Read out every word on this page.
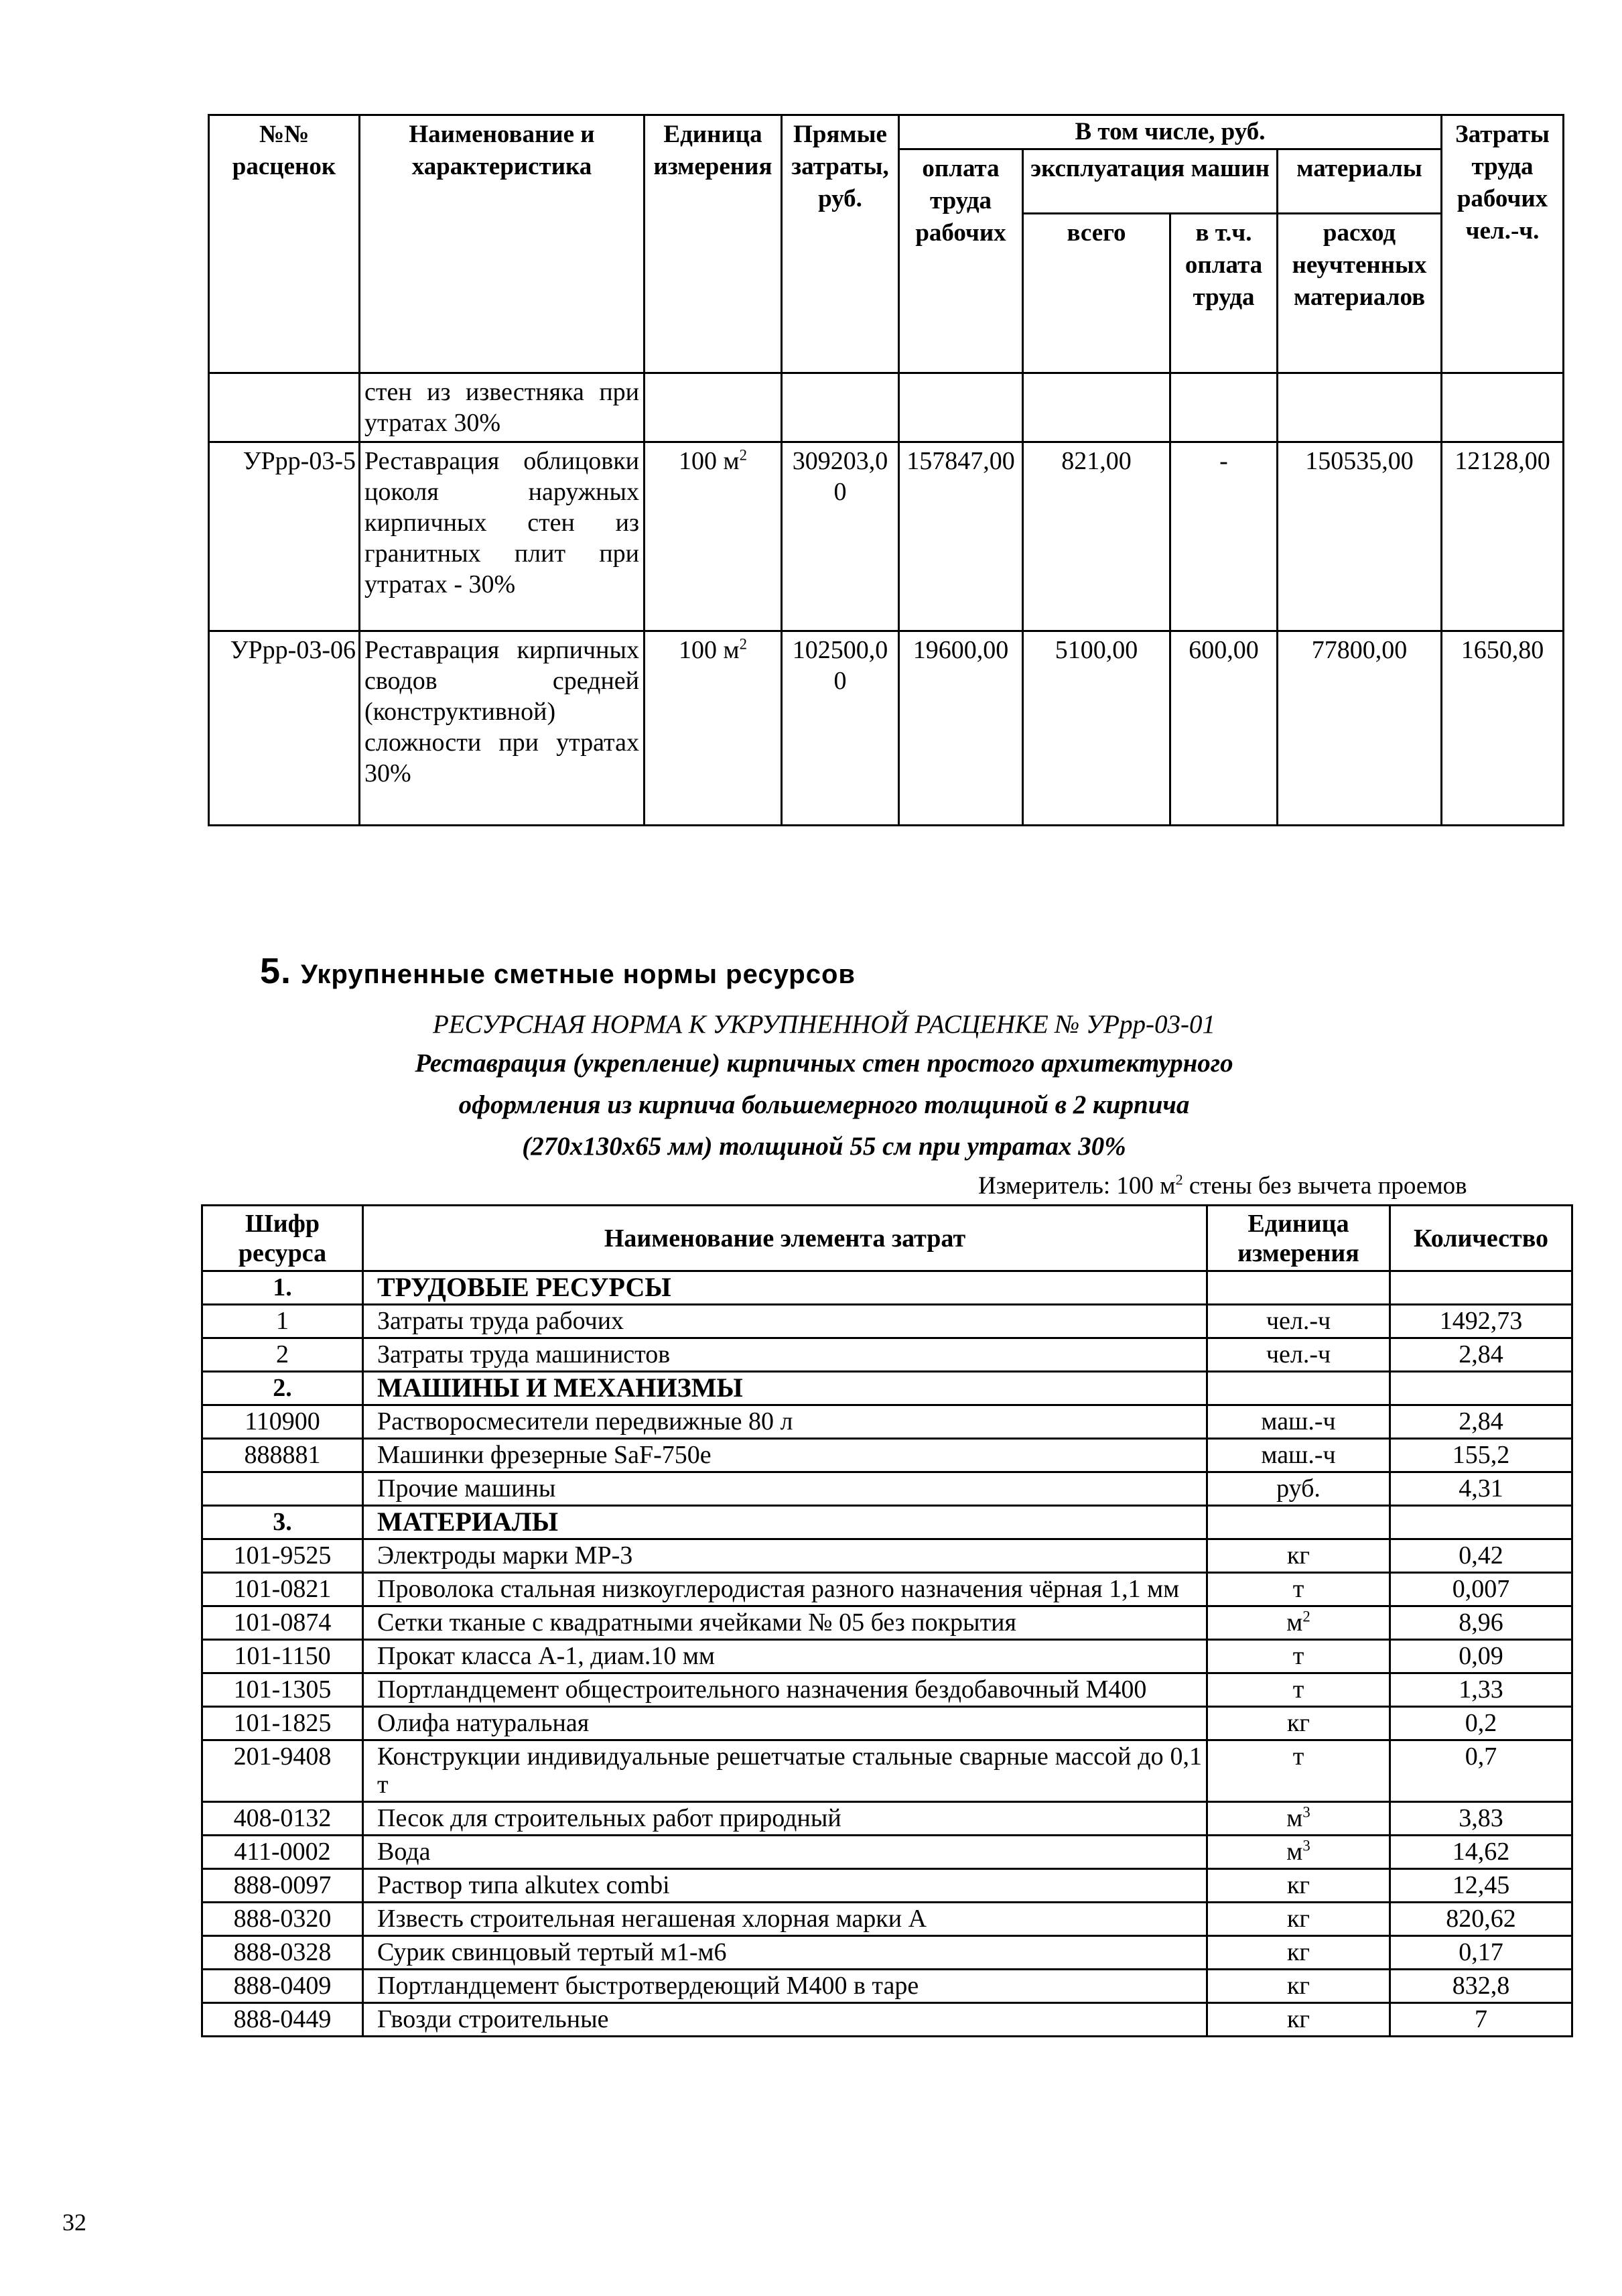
№№ расценок	Наименование и характеристика	Единица измерения	Прямые затраты, руб.	В том числе, руб.				Затраты труда рабочих чел.-ч.
				оплата труда рабочих	эксплуатация машин		материалы	
					всего	в т.ч. оплата труда	расход неучтенных материалов	
	стен из известняка при утратах 30%							
УРрр-03-5	Реставрация облицовки цоколя наружных кирпичных стен из гранитных плит при утратах - 30%	100 $м^2$	309203,00	157847,00	821,00	-	150535,00	12128,00
УРрр-03-06	Реставрация кирпичных сводов средней (конструктивной) сложности при утратах 30%	100 $м^2$	102500,00	19600,00	5100,00	600,00	77800,00	1650,80
5. Укрупненные сметные нормы ресурсов
РЕСУРСНАЯ НОРМА К УКРУПНЕННОЙ РАСЦЕНКЕ № УРрр-03-01
Реставрация (укрепление) кирпичных стен простого архитектурного
оформления из кирпича большемерного толщиной в 2 кирпича
(270х130х65 мм) толщиной 55 см при утратах 30%
Измеритель: 100 $м^2$ стены без вычета проемов
Шифр ресурса	Наименование элемента затрат	Единица измерения	Количество
1.	ТРУДОВЫЕ РЕСУРСЫ		
1	Затраты труда рабочих	чел.-ч	1492,73
2	Затраты труда машинистов	чел.-ч	2,84
2.	МАШИНЫ И МЕХАНИЗМЫ		
110900	Растворосмесители передвижные 80 л	маш.-ч	2,84
888881	Машинки фрезерные SaF-750e	маш.-ч	155,2
	Прочие машины	руб.	4,31
3.	МАТЕРИАЛЫ		
101-9525	Электроды марки МР-3	кг	0,42
101-0821	Проволока стальная низкоуглеродистая разного назначения чёрная 1,1 мм	т	0,007
101-0874	Сетки тканые с квадратными ячейками № 05 без покрытия	$м^2$	8,96
101-1150	Прокат класса А-1, диам.10 мм	т	0,09
101-1305	Портландцемент общестроительного назначения бездобавочный М400	т	1,33
101-1825	Олифа натуральная	кг	0,2
201-9408	Конструкции индивидуальные решетчатые стальные сварные массой до 0,1 т	т	0,7
408-0132	Песок для строительных работ природный	$м^3$	3,83
411-0002	Вода	$м^3$	14,62
888-0097	Раствор типа alkutex combi	кг	12,45
888-0320	Известь строительная негашеная хлорная марки А	кг	820,62
888-0328	Сурик свинцовый тертый м1-м6	кг	0,17
888-0409	Портландцемент быстротвердеющий М400 в таре	кг	832,8
888-0449	Гвозди строительные	кг	7
32
